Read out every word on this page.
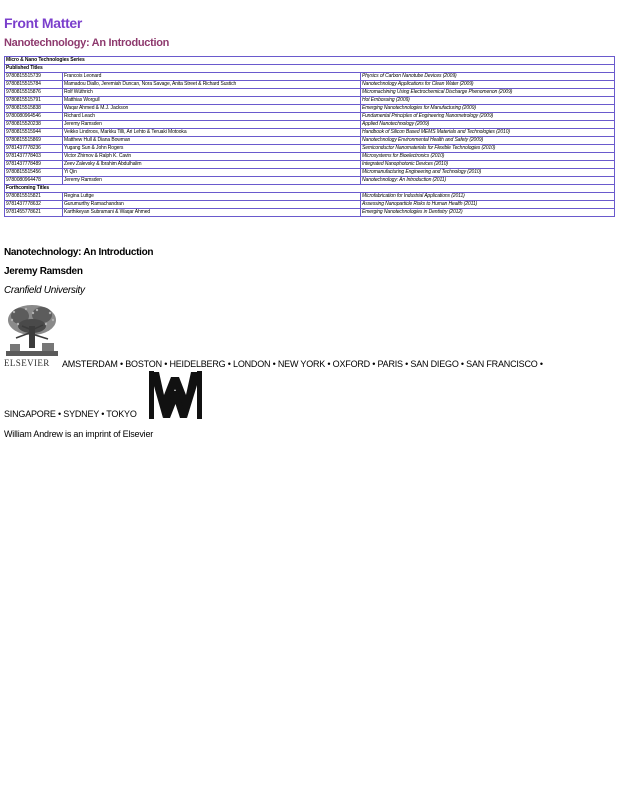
Front Matter
Nanotechnology: An Introduction
Micro & Nano Technologies Series		
Published Titles		
9780815515739	Francois Leonard	Physics of Carbon Nanotube Devices (2009)
9780815515784	Mamadou Diallo, Jeremiah Duncan, Nora Savage, Anita Street & Richard Sustich	Nanotechnology Applications for Clean Water (2009)
9780815515876	Rolf Wüthrich	Micromachining Using Electrochemical Discharge Phenomenon (2009)
9780815515791	Matthias Worgull	Hot Embossing (2009)
9780815515838	Waqar Ahmed & M.J. Jackson	Emerging Nanotechnologies for Manufacturing (2009)
9780080964546	Richard Leach	Fundamental Principles of Engineering Nanometrology (2009)
9780815520238	Jeremy Ramsden	Applied Nanotechnology (2009)
9780815515944	Veikko Lindroos, Markku Tilli, Ari Lehto & Teruaki Motooka	Handbook of Silicon Based MEMS Materials and Technologies (2010)
9780815515869	Matthew Hull & Diana Bowman	Nanotechnology Environmental Health and Safety (2009)
9781437778236	Yugang Sun & John Rogers	Semiconductor Nanomaterials for Flexible Technologies (2010)
9781437778403	Victor Zhirnov & Ralph K. Cavin	Microsystems for Bioelectronics (2010)
9781437778489	Zeev Zalevsky & Ibrahim Abdulhalim	Integrated Nanophotonic Devices (2010)
9780815515456	Yi Qin	Micromanufacturing Engineering and Technology (2010)
9780080964478	Jeremy Ramsden	Nanotechnology: An Introduction (2011)
Forthcoming Titles		
9780815515821	Regina Luttge	Microfabrication for Industrial Applications (2011)
9781437778632	Gurumurthy Ramachandran	Assessing Nanoparticle Risks to Human Health (2011)
9781455778621	Karthikeyan Subramani & Waqar Ahmed	Emerging Nanotechnologies in Dentistry (2012)
Nanotechnology: An Introduction
Jeremy Ramsden
Cranfield University
ELSEVIER AMSTERDAM • BOSTON • HEIDELBERG • LONDON • NEW YORK • OXFORD • PARIS • SAN DIEGO • SAN FRANCISCO •
SINGAPORE • SYDNEY • TOKYO
William Andrew is an imprint of Elsevier
